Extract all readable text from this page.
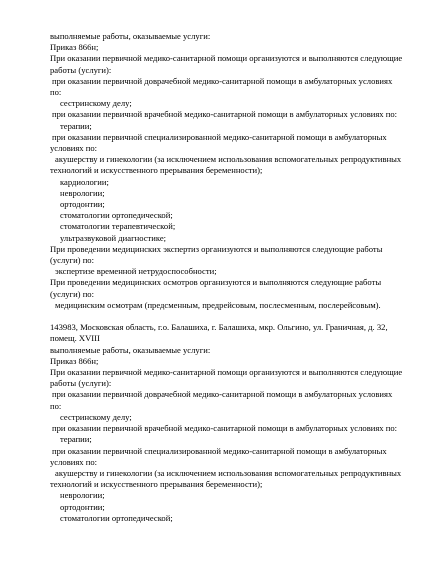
выполняемые работы, оказываемые услуги:
Приказ 866н;
При оказании первичной медико-санитарной помощи организуются и выполняются следующие
работы (услуги):
при оказании первичной доврачебной медико-санитарной помощи в амбулаторных условиях
по:
сестринскому делу;
при оказании первичной врачебной медико-санитарной помощи в амбулаторных условиях по:
терапии;
при оказании первичной специализированной медико-санитарной помощи в амбулаторных
условиях по:
акушерству и гинекологии (за исключением использования вспомогательных репродуктивных
технологий и искусственного прерывания беременности);
кардиологии;
неврологии;
ортодонтии;
стоматологии ортопедической;
стоматологии терапевтической;
ультразвуковой диагностике;
При проведении медицинских экспертиз организуются и выполняются следующие работы
(услуги) по:
экспертизе временной нетрудоспособности;
При проведении медицинских осмотров организуются и выполняются следующие работы
(услуги) по:
медицинским осмотрам (предсменным, предрейсовым, послесменным, послерейсовым).
143983, Московская область, г.о. Балашиха, г. Балашиха, мкр. Ольгино, ул. Граничная, д. 32,
помещ. XVIII
выполняемые работы, оказываемые услуги:
Приказ 866н;
При оказании первичной медико-санитарной помощи организуются и выполняются следующие
работы (услуги):
при оказании первичной доврачебной медико-санитарной помощи в амбулаторных условиях
по:
сестринскому делу;
при оказании первичной врачебной медико-санитарной помощи в амбулаторных условиях по:
терапии;
при оказании первичной специализированной медико-санитарной помощи в амбулаторных
условиях по:
акушерству и гинекологии (за исключением использования вспомогательных репродуктивных
технологий и искусственного прерывания беременности);
неврологии;
ортодонтии;
стоматологии ортопедической;
